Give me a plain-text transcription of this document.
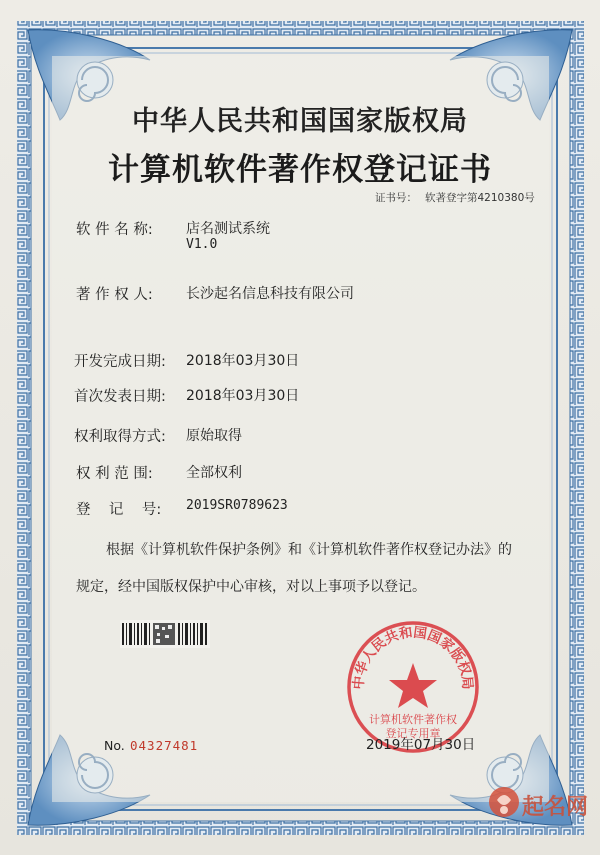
中华人民共和国国家版权局
计算机软件著作权登记证书
证书号： 软著登字第4210380号
软 件 名 称: 店名测试系统
V1.0
著 作 权 人: 长沙起名信息科技有限公司
开发完成日期: 2018年03月30日
首次发表日期: 2018年03月30日
权利取得方式: 原始取得
权 利 范 围: 全部权利
登    记    号: 2019SR0789623
根据《计算机软件保护条例》和《计算机软件著作权登记办法》的
规定，经中国版权保护中心审核，对以上事项予以登记。
中华人民共和国国家版权局
计算机软件著作权
登记专用章
2019年07月30日
No. 04327481
起名网
